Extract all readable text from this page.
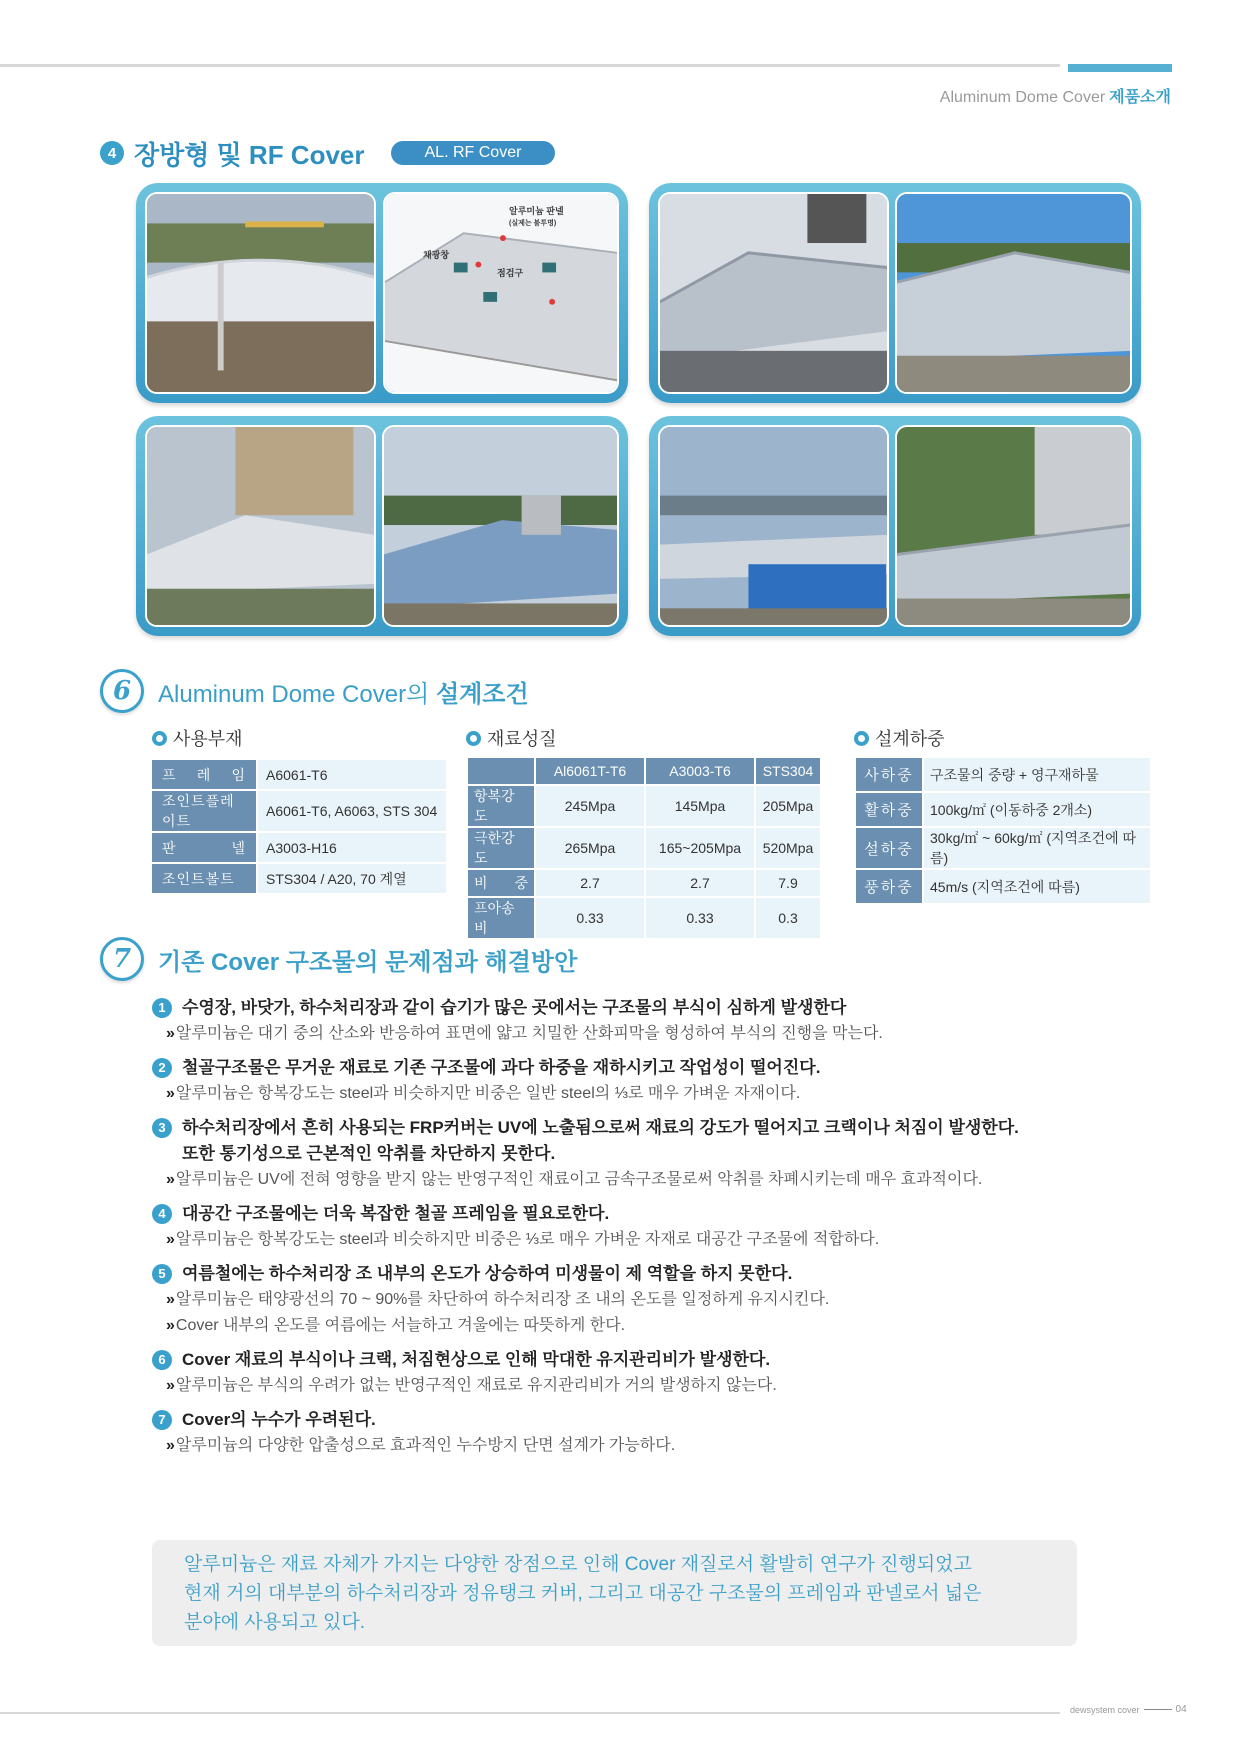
Aluminum Dome Cover 제품소개
4 장방형 및 RF Cover	AL. RF Cover
알루미늄 판넬
(실제는 불투명)
채광창
점검구
6	Aluminum Dome Cover의 설계조건
사용부재	재료성질	설계하중
프 레 임	A6061-T6
조인트플레이트	A6061-T6, A6063, STS 304
판 넬	A3003-H16
조인트볼트	STS304 / A20, 70 계열
	Al6061T-T6	A3003-T6	STS304
항복강도	245Mpa	145Mpa	205Mpa
극한강도	265Mpa	165~205Mpa	520Mpa
비 중	2.7	2.7	7.9
프아송비	0.33	0.33	0.3
사하중	구조물의 중량 + 영구재하물
활하중	100kg/㎡ (이동하중 2개소)
설하중	30kg/㎡ ~ 60kg/㎡ (지역조건에 따름)
풍하중	45m/s (지역조건에 따름)
7	기존 Cover 구조물의 문제점과 해결방안
1 수영장, 바닷가, 하수처리장과 같이 습기가 많은 곳에서는 구조물의 부식이 심하게 발생한다
» 알루미늄은 대기 중의 산소와 반응하여 표면에 얇고 치밀한 산화피막을 형성하여 부식의 진행을 막는다.
2 철골구조물은 무거운 재료로 기존 구조물에 과다 하중을 재하시키고 작업성이 떨어진다.
» 알루미늄은 항복강도는 steel과 비슷하지만 비중은 일반 steel의 ⅓로 매우 가벼운 자재이다.
3 하수처리장에서 흔히 사용되는 FRP커버는 UV에 노출됨으로써 재료의 강도가 떨어지고 크랙이나 처짐이 발생한다.
또한 통기성으로 근본적인 악취를 차단하지 못한다.
» 알루미늄은 UV에 전혀 영향을 받지 않는 반영구적인 재료이고 금속구조물로써 악취를 차폐시키는데 매우 효과적이다.
4 대공간 구조물에는 더욱 복잡한 철골 프레임을 필요로한다.
» 알루미늄은 항복강도는 steel과 비슷하지만 비중은 ⅓로 매우 가벼운 자재로 대공간 구조물에 적합하다.
5 여름철에는 하수처리장 조 내부의 온도가 상승하여 미생물이 제 역할을 하지 못한다.
» 알루미늄은 태양광선의 70 ~ 90%를 차단하여 하수처리장 조 내의 온도를 일정하게 유지시킨다.
» Cover 내부의 온도를 여름에는 서늘하고 겨울에는 따뜻하게 한다.
6 Cover 재료의 부식이나 크랙, 처짐현상으로 인해 막대한 유지관리비가 발생한다.
» 알루미늄은 부식의 우려가 없는 반영구적인 재료로 유지관리비가 거의 발생하지 않는다.
7 Cover의 누수가 우려된다.
» 알루미늄의 다양한 압출성으로 효과적인 누수방지 단면 설계가 가능하다.
알루미늄은 재료 자체가 가지는 다양한 장점으로 인해 Cover 재질로서 활발히 연구가 진행되었고
현재 거의 대부분의 하수처리장과 정유탱크 커버, 그리고 대공간 구조물의 프레임과 판넬로서 넓은
분야에 사용되고 있다.
dewsystem cover	04
